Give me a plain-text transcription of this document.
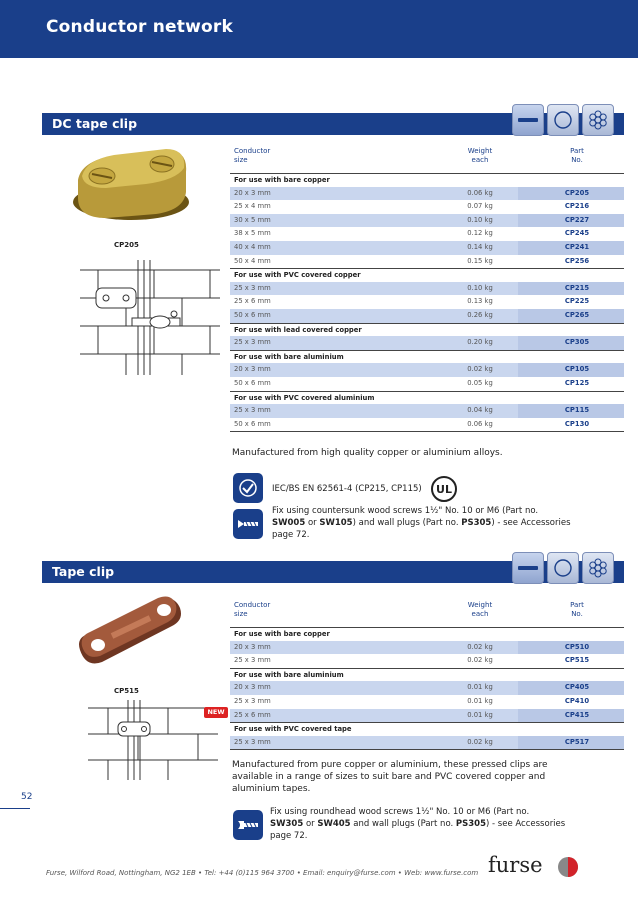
Conductor network
DC tape clip
CP205
Conductor
size
Weight
each
Part
No.
For use with bare copper
20 x 3 mm	0.06 kg	CP205
25 x 4 mm	0.07 kg	CP216
30 x 5 mm	0.10 kg	CP227
38 x 5 mm	0.12 kg	CP245
40 x 4 mm	0.14 kg	CP241
50 x 4 mm	0.15 kg	CP256
For use with PVC covered copper
25 x 3 mm	0.10 kg	CP215
25 x 6 mm	0.13 kg	CP225
50 x 6 mm	0.26 kg	CP265
For use with lead covered copper
25 x 3 mm	0.20 kg	CP305
For use with bare aluminium
20 x 3 mm	0.02 kg	CP105
50 x 6 mm	0.05 kg	CP125
For use with PVC covered aluminium
25 x 3 mm	0.04 kg	CP115
50 x 6 mm	0.06 kg	CP130
Manufactured from high quality copper or aluminium alloys.
IEC/BS EN 62561-4 (CP215, CP115)	UL
Fix using countersunk wood screws 1½" No. 10 or M6 (Part no.
SW005 or SW105) and wall plugs (Part no. PS305) - see Accessories
page 72.
Tape clip
CP515
NEW
Conductor
size
Weight
each
Part
No.
For use with bare copper
20 x 3 mm	0.02 kg	CP510
25 x 3 mm	0.02 kg	CP515
For use with bare aluminium
20 x 3 mm	0.01 kg	CP405
25 x 3 mm	0.01 kg	CP410
25 x 6 mm	0.01 kg	CP415
For use with PVC covered tape
25 x 3 mm	0.02 kg	CP517
Manufactured from pure copper or aluminium, these pressed clips are
available in a range of sizes to suit bare and PVC covered copper and
aluminium tapes.
Fix using roundhead wood screws 1½" No. 10 or M6 (Part no.
SW305 or SW405 and wall plugs (Part no. PS305) - see Accessories
page 72.
52
Furse, Wilford Road, Nottingham, NG2 1EB • Tel: +44 (0)115 964 3700 • Email: enquiry@furse.com • Web: www.furse.com furse
